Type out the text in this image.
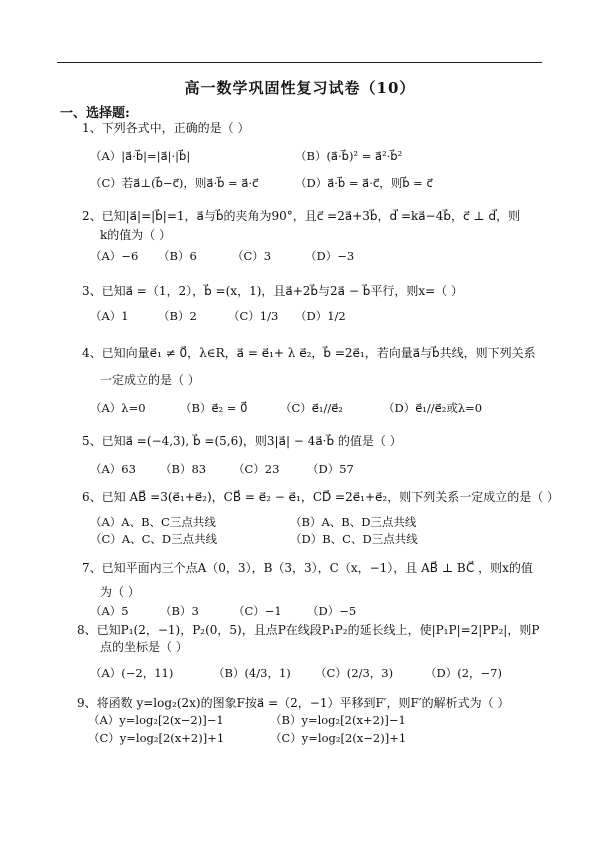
高一数学巩固性复习试卷（10）
一、选择题:
1、下列各式中，正确的是（ ）
（A）|a⃗·b⃗|=|a⃗|·|b⃗|	（B）(a⃗·b⃗)² = a⃗²·b⃗²
（C）若a⃗⊥(b⃗−c⃗)，则a⃗·b⃗ = a⃗·c⃗	（D）a⃗·b⃗ = a⃗·c⃗，则b⃗ = c⃗
2、已知|a⃗|=|b⃗|=1，a⃗与b⃗的夹角为90°，且c⃗ =2a⃗+3b⃗，d⃗ =ka⃗−4b⃗，c⃗ ⊥ d⃗，则
k的值为（ ）
（A）−6 （B）6	（C）3	（D）−3
3、已知a⃗ =（1，2），b⃗ =(x，1)，且a⃗+2b⃗与2a⃗ − b⃗平行，则x=（ ）
（A）1	（B）2	（C）1/3 （D）1/2
4、已知向量e⃗₁ ≠ 0⃗，λ∈R，a⃗ = e⃗₁+ λ e⃗₂，b⃗ =2e⃗₁，若向量a⃗与b⃗共线，则下列关系
一定成立的是（ ）
（A）λ=0	（B）e⃗₂ = 0⃗	（C）e⃗₁//e⃗₂	（D）e⃗₁//e⃗₂或λ=0
5、已知a⃗ =(−4,3), b⃗ =(5,6)，则3|a⃗| − 4a⃗·b⃗ 的值是（ ）
（A）63 （B）83 （C）23 （D）57
6、已知 AB⃗ =3(e⃗₁+e⃗₂)，CB⃗ = e⃗₂ − e⃗₁，CD⃗ =2e⃗₁+e⃗₂，则下列关系一定成立的是（ ）
（A）A、B、C三点共线	（B）A、B、D三点共线
（C）A、C、D三点共线	（D）B、C、D三点共线
7、已知平面内三个点A（0，3），B（3，3），C（x，−1），且 AB⃗ ⊥ BC⃗ ，则x的值
为（ ）
（A）5	（B）3	（C）−1 （D）−5
8、已知P₁(2，−1)，P₂(0，5)，且点P在线段P₁P₂的延长线上，使|P₁P|=2|PP₂|，则P
点的坐标是（ ）
（A）(−2，11)	（B）(4/3，1) （C）(2/3，3)	（D）(2，−7)
9、将函数 y=log₂(2x)的图象F按a⃗ =（2，−1）平移到F′，则F′的解析式为（ ）
（A）y=log₂[2(x−2)]−1	（B）y=log₂[2(x+2)]−1
（C）y=log₂[2(x+2)]+1	（C）y=log₂[2(x−2)]+1
